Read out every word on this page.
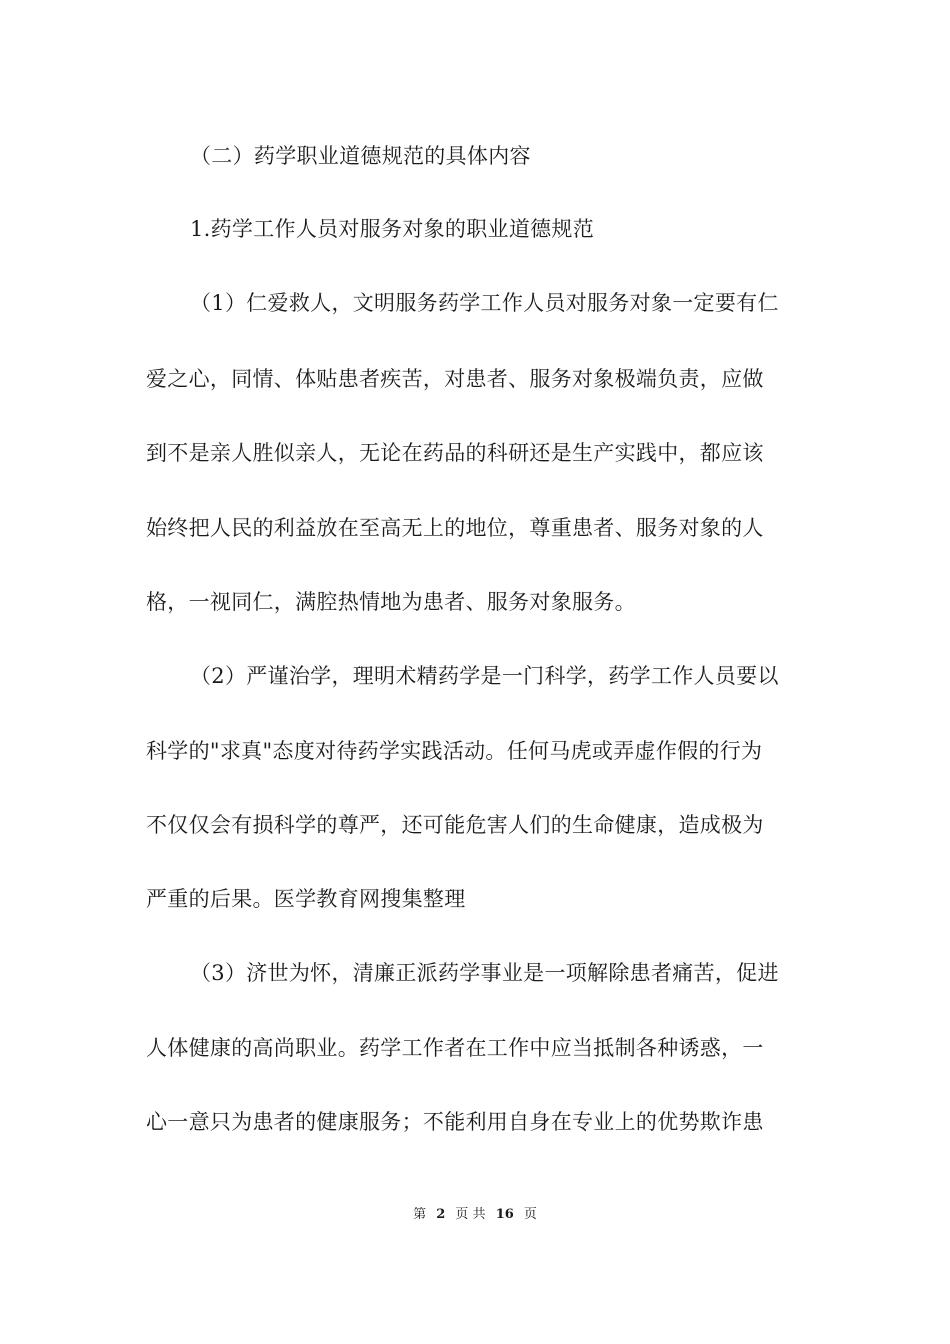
（二）药学职业道德规范的具体内容
1.药学工作人员对服务对象的职业道德规范
（1）仁爱救人，文明服务药学工作人员对服务对象一定要有仁
爱之心，同情、体贴患者疾苦，对患者、服务对象极端负责，应做
到不是亲人胜似亲人，无论在药品的科研还是生产实践中，都应该
始终把人民的利益放在至高无上的地位，尊重患者、服务对象的人
格，一视同仁，满腔热情地为患者、服务对象服务。
（2）严谨治学，理明术精药学是一门科学，药学工作人员要以
科学的"求真"态度对待药学实践活动。任何马虎或弄虚作假的行为
不仅仅会有损科学的尊严，还可能危害人们的生命健康，造成极为
严重的后果。医学教育网搜集整理
（3）济世为怀，清廉正派药学事业是一项解除患者痛苦，促进
人体健康的高尚职业。药学工作者在工作中应当抵制各种诱惑，一
心一意只为患者的健康服务；不能利用自身在专业上的优势欺诈患
第 2 页 共 16 页
